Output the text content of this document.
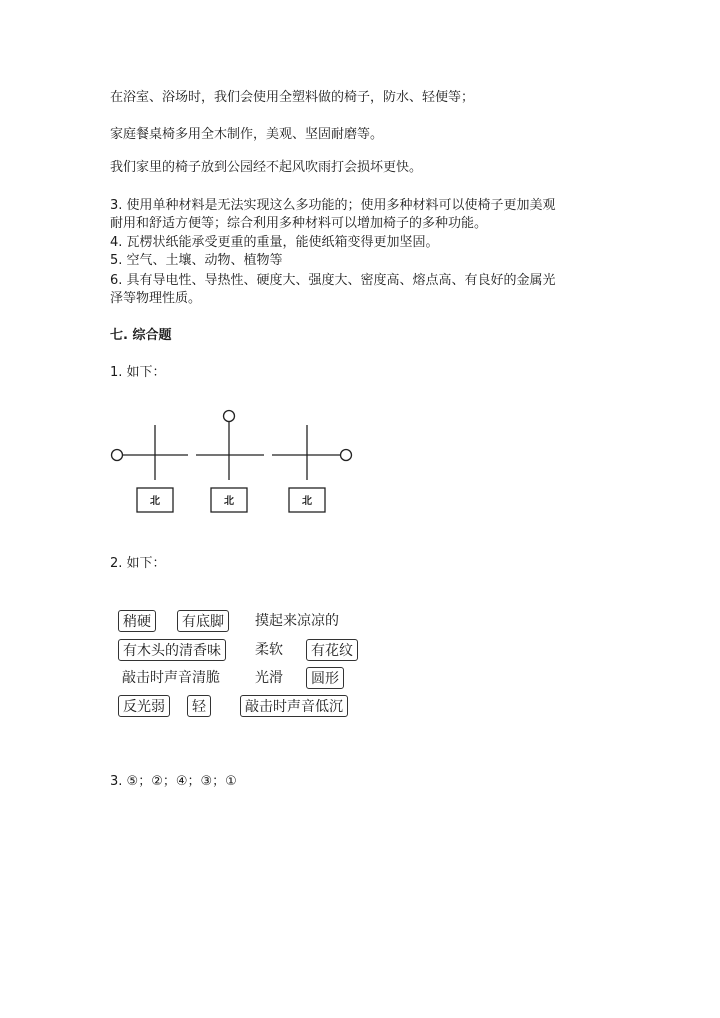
在浴室、浴场时，我们会使用全塑料做的椅子，防水、轻便等；
家庭餐桌椅多用全木制作，美观、坚固耐磨等。
我们家里的椅子放到公园经不起风吹雨打会损坏更快。
3. 使用单种材料是无法实现这么多功能的；使用多种材料可以使椅子更加美观
耐用和舒适方便等；综合利用多种材料可以增加椅子的多种功能。
4. 瓦楞状纸能承受更重的重量，能使纸箱变得更加坚固。
5. 空气、土壤、动物、植物等
6. 具有导电性、导热性、硬度大、强度大、密度高、熔点高、有良好的金属光
泽等物理性质。
七. 综合题
1. 如下：
北	北	北
2. 如下：
稍硬	有底脚	摸起来凉凉的
有木头的清香味	柔软	有花纹
敲击时声音清脆	光滑	圆形
反光弱	轻	敲击时声音低沉
3. ⑤；②；④；③；①
